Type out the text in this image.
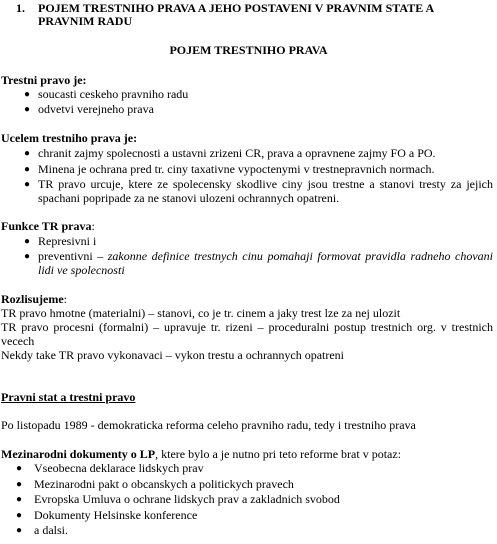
1. POJEM TRESTNIHO PRAVA A JEHO POSTAVENI V PRAVNIM STATE A
PRAVNIM RADU
POJEM TRESTNIHO PRAVA
Trestni pravo je:
● soucasti ceskeho pravniho radu
● odvetvi verejneho prava
Ucelem trestniho prava je:
● chranit zajmy spolecnosti a ustavni zrizeni CR, prava a opravnene zajmy FO a PO.
● Minena je ochrana pred tr. ciny taxativne vypoctenymi v trestnepravnich normach.
● TR pravo urcuje, ktere ze spolecensky skodlive ciny jsou trestne a stanovi tresty za jejich
spachani popripade za ne stanovi ulozeni ochrannych opatreni.
Funkce TR prava:
● Represivni i
● preventivni – zakonne definice trestnych cinu pomahaji formovat pravidla radneho chovani
lidi ve spolecnosti
Rozlisujeme:
TR pravo hmotne (materialni) – stanovi, co je tr. cinem a jaky trest lze za nej ulozit
TR pravo procesni (formalni) – upravuje tr. rizeni – proceduralni postup trestnich org. v trestnich
vecech
Nekdy take TR pravo vykonavaci – vykon trestu a ochrannych opatreni
Pravni stat a trestni pravo
Po listopadu 1989 - demokraticka reforma celeho pravniho radu, tedy i trestniho prava
Mezinarodni dokumenty o LP, ktere bylo a je nutno pri teto reforme brat v potaz:
● Vseobecna deklarace lidskych prav
● Mezinarodni pakt o obcanskych a politickych pravech
● Evropska Umluva o ochrane lidskych prav a zakladnich svobod
● Dokumenty Helsinske konference
● a dalsi.
